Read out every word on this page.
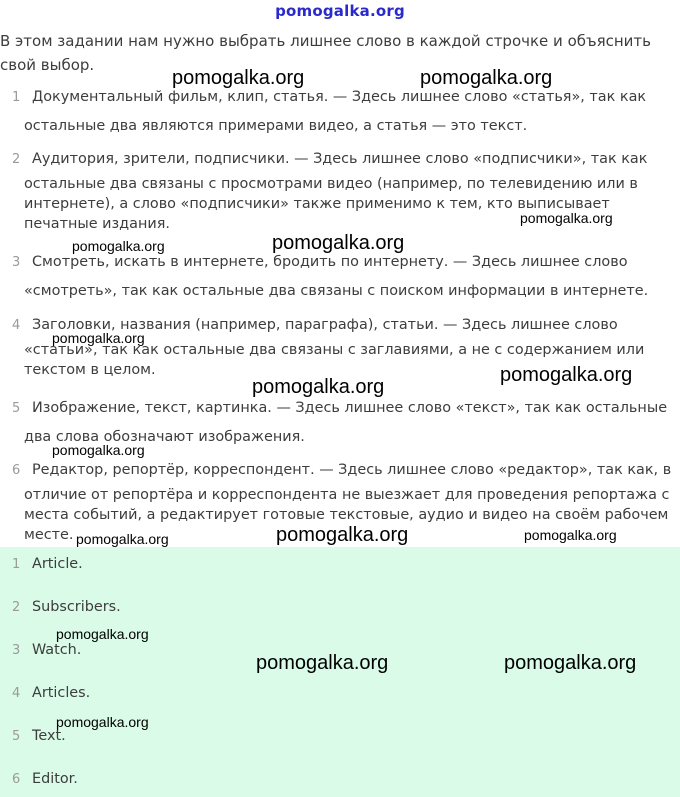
pomogalka.org
В этом задании нам нужно выбрать лишнее слово в каждой строчке и объяснить свой выбор.
1 Документальный фильм, клип, статья. — Здесь лишнее слово «статья», так как
остальные два являются примерами видео, а статья — это текст.
2 Аудитория, зрители, подписчики. — Здесь лишнее слово «подписчики», так как
остальные два связаны с просмотрами видео (например, по телевидению или в
интернете), а слово «подписчики» также применимо к тем, кто выписывает
печатные издания.
3 Смотреть, искать в интернете, бродить по интернету. — Здесь лишнее слово
«смотреть», так как остальные два связаны с поиском информации в интернете.
4 Заголовки, названия (например, параграфа), статьи. — Здесь лишнее слово
«статьи», так как остальные два связаны с заглавиями, а не с содержанием или
текстом в целом.
5 Изображение, текст, картинка. — Здесь лишнее слово «текст», так как остальные
два слова обозначают изображения.
6 Редактор, репортёр, корреспондент. — Здесь лишнее слово «редактор», так как, в
отличие от репортёра и корреспондента не выезжает для проведения репортажа с
места событий, а редактирует готовые текстовые, аудио и видео на своём рабочем
месте.
1 Article.
2 Subscribers.
3 Watch.
4 Articles.
5 Text.
6 Editor.
pomogalka.org	pomogalka.org
pomogalka.org
pomogalka.org	pomogalka.org
pomogalka.org
pomogalka.org
pomogalka.org
pomogalka.org
pomogalka.org	pomogalka.org	pomogalka.org
pomogalka.org
pomogalka.org	pomogalka.org
pomogalka.org
